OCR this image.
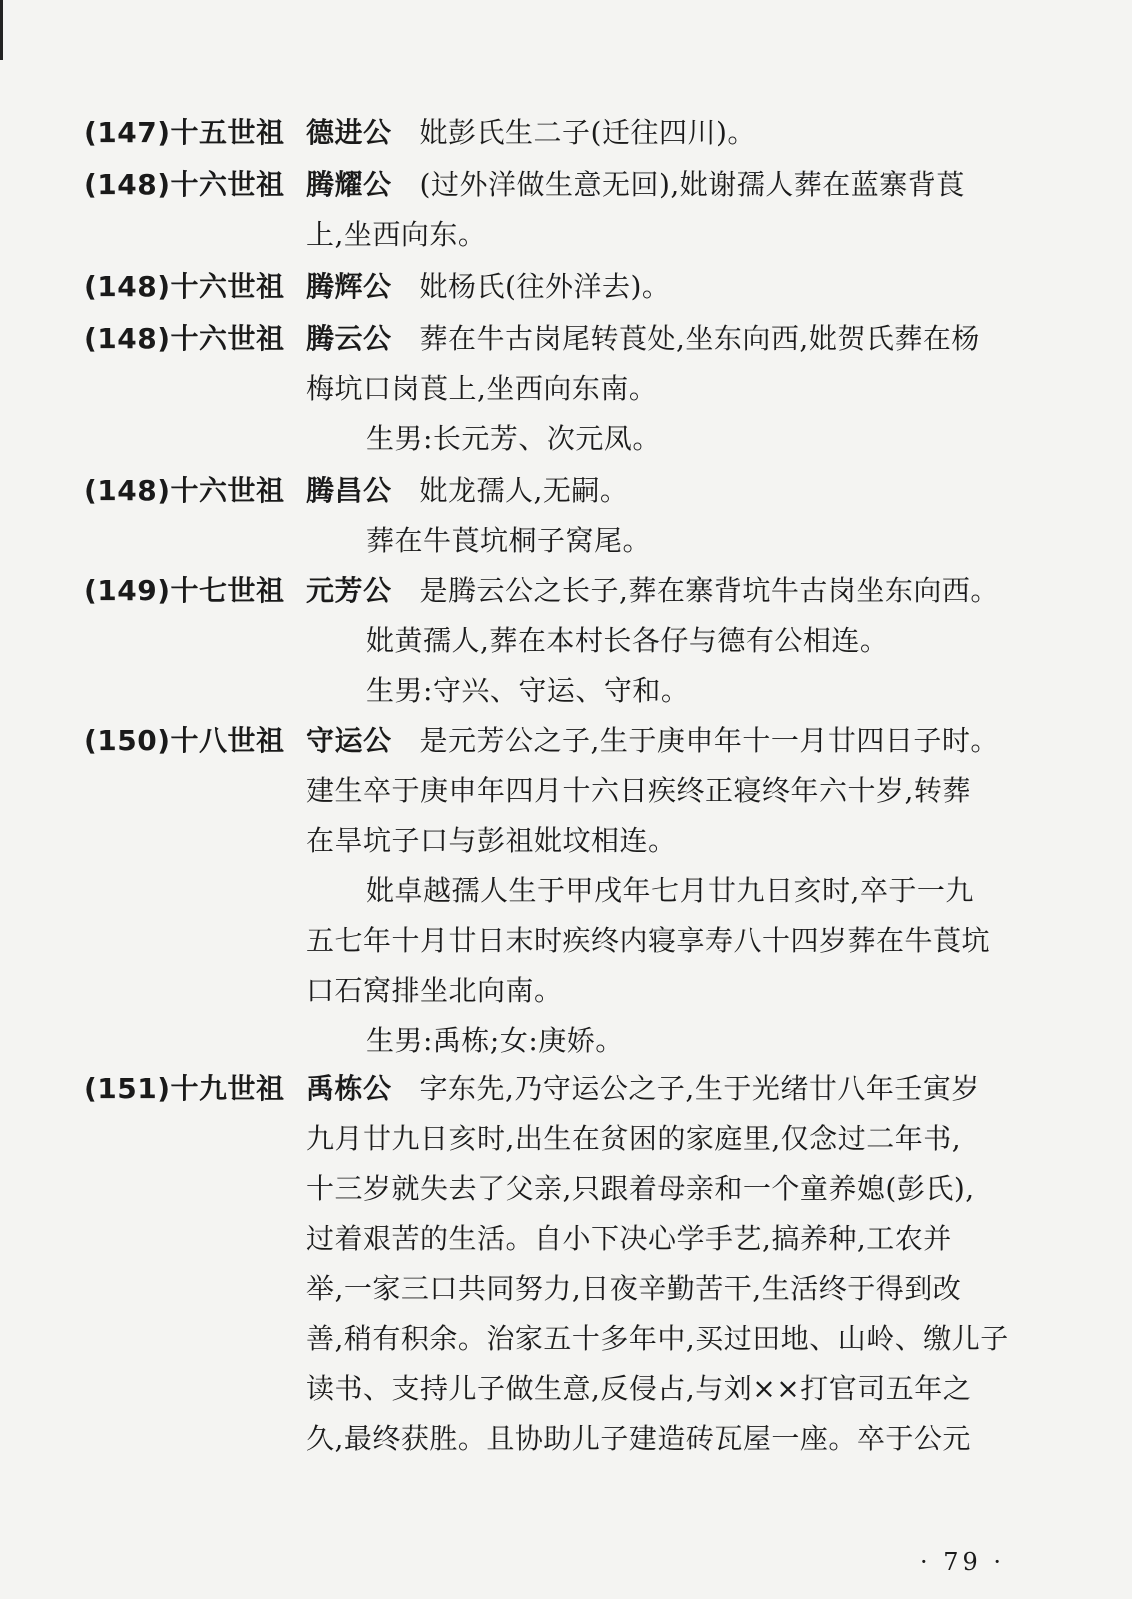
(147)十五世祖 德进公 妣彭氏生二子(迁往四川)。
(148)十六世祖 腾耀公 (过外洋做生意无回),妣谢孺人葬在蓝寨背莨
上,坐西向东。
(148)十六世祖 腾辉公 妣杨氏(往外洋去)。
(148)十六世祖 腾云公 葬在牛古岗尾转莨处,坐东向西,妣贺氏葬在杨
梅坑口岗莨上,坐西向东南。
生男:长元芳、次元凤。
(148)十六世祖 腾昌公 妣龙孺人,无嗣。
葬在牛莨坑桐子窝尾。
(149)十七世祖 元芳公 是腾云公之长子,葬在寨背坑牛古岗坐东向西。
妣黄孺人,葬在本村长各仔与德有公相连。
生男:守兴、守运、守和。
(150)十八世祖 守运公 是元芳公之子,生于庚申年十一月廿四日子时。
建生卒于庚申年四月十六日疾终正寝终年六十岁,转葬
在旱坑子口与彭祖妣坟相连。
妣卓越孺人生于甲戌年七月廿九日亥时,卒于一九
五七年十月廿日末时疾终内寝享寿八十四岁葬在牛莨坑
口石窝排坐北向南。
生男:禹栋;女:庚娇。
(151)十九世祖 禹栋公 字东先,乃守运公之子,生于光绪廿八年壬寅岁
九月廿九日亥时,出生在贫困的家庭里,仅念过二年书,
十三岁就失去了父亲,只跟着母亲和一个童养媳(彭氏),
过着艰苦的生活。自小下决心学手艺,搞养种,工农并
举,一家三口共同努力,日夜辛勤苦干,生活终于得到改
善,稍有积余。治家五十多年中,买过田地、山岭、缴儿子
读书、支持儿子做生意,反侵占,与刘××打官司五年之
久,最终获胜。且协助儿子建造砖瓦屋一座。卒于公元
· 79 ·
